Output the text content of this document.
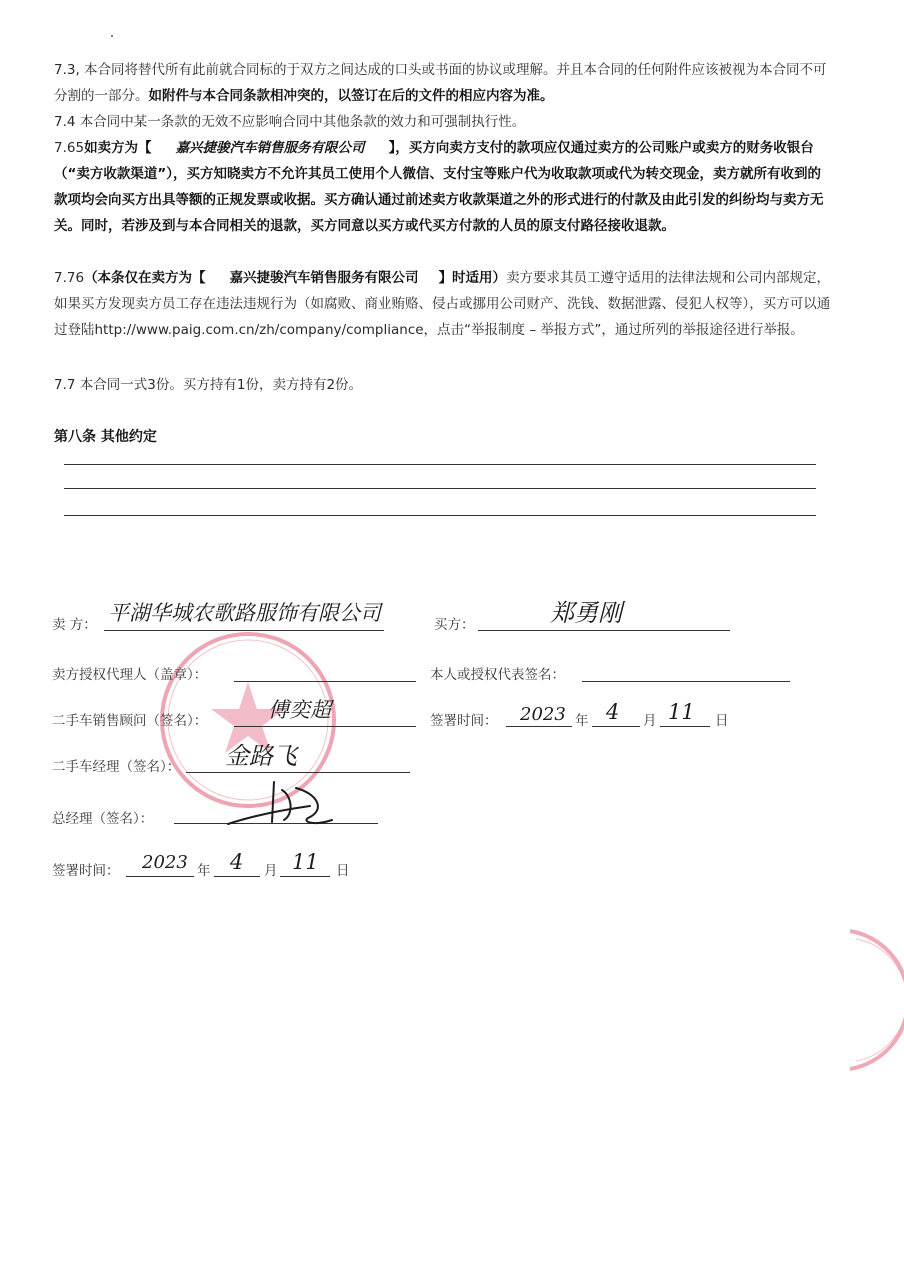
7.3, 本合同将替代所有此前就合同标的于双方之间达成的口头或书面的协议或理解。并且本合同的任何附件应该被视为本合同不可分割的一部分。如附件与本合同条款相冲突的，以签订在后的文件的相应内容为准。

7.4 本合同中某一条款的无效不应影响合同中其他条款的效力和可强制执行性。

7.65如卖方为【 嘉兴捷骏汽车销售服务有限公司 】，买方向卖方支付的款项应仅通过卖方的公司账户或卖方的财务收银台（“卖方收款渠道”），买方知晓卖方不允许其员工使用个人微信、支付宝等账户代为收取款项或代为转交现金，卖方就所有收到的款项均会向买方出具等额的正规发票或收据。买方确认通过前述卖方收款渠道之外的形式进行的付款及由此引发的纠纷均与卖方无关。同时，若涉及到与本合同相关的退款，买方同意以买方或代买方付款的人员的原支付路径接收退款。

7.76（本条仅在卖方为【 嘉兴捷骏汽车销售服务有限公司 】时适用）卖方要求其员工遵守适用的法律法规和公司内部规定，如果买方发现卖方员工存在违法违规行为（如腐败、商业贿赂、侵占或挪用公司财产、洗钱、数据泄露、侵犯人权等），买方可以通过登陆http://www.paig.com.cn/zh/company/compliance，点击“举报制度 – 举报方式”，通过所列的举报途径进行举报。

7.7 本合同一式3份。买方持有1份，卖方持有2份。

第八条 其他约定
卖 方： 平湖华城农歌路服饰有限公司	买方：	郑勇刚
卖方授权代理人（盖章）：	本人或授权代表签名：
二手车销售顾问（签名）：	傅奕超	签署时间： 2023 年 4 月 11 日
二手车经理（签名）： 金路飞
总经理（签名）：
签署时间： 2023 年 4 月 11 日
